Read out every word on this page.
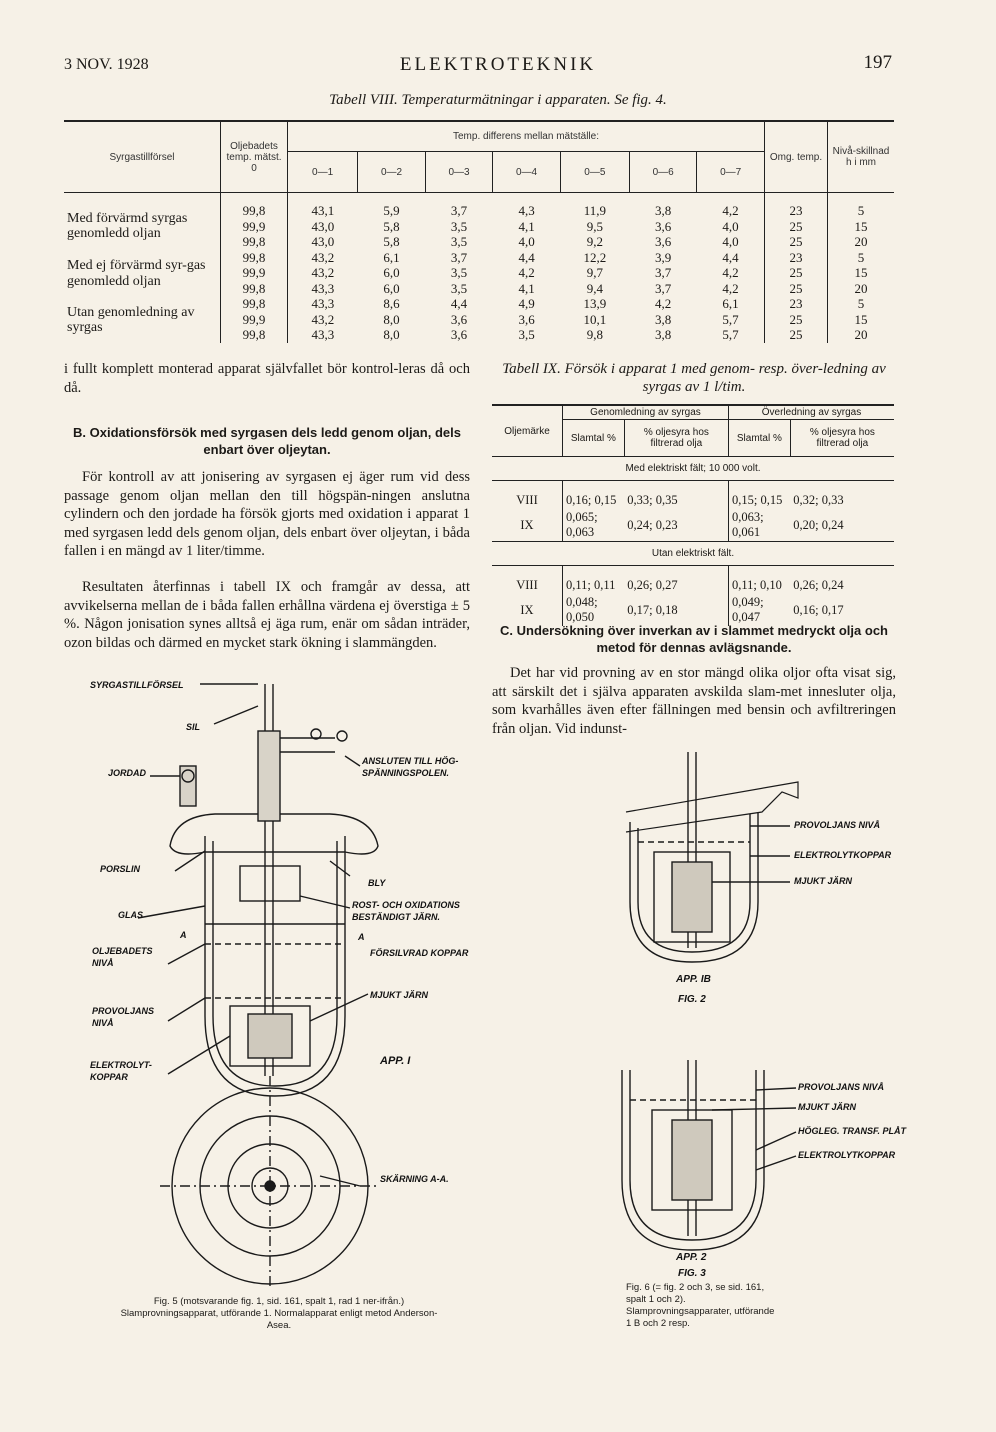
3 NOV. 1928	ELEKTROTEKNIK	197
Tabell VIII. Temperaturmätningar i apparaten. Se fig. 4.
Syrgastillförsel	Oljebadets temp. mätst. 0	Temp. differens mellan mätställe:							Omg. temp.	Nivå-skillnad h i mm
		0—1	0—2	0—3	0—4	0—5	0—6	0—7		
Med förvärmd syrgas genomledd oljan	99,8	43,1	5,9	3,7	4,3	11,9	3,8	4,2	23	5
	99,9	43,0	5,8	3,5	4,1	9,5	3,6	4,0	25	15
	99,8	43,0	5,8	3,5	4,0	9,2	3,6	4,0	25	20
Med ej förvärmd syr-gas genomledd oljan	99,8	43,2	6,1	3,7	4,4	12,2	3,9	4,4	23	5
	99,9	43,2	6,0	3,5	4,2	9,7	3,7	4,2	25	15
	99,8	43,3	6,0	3,5	4,1	9,4	3,7	4,2	25	20
Utan genomledning av syrgas	99,8	43,3	8,6	4,4	4,9	13,9	4,2	6,1	23	5
	99,9	43,2	8,0	3,6	3,6	10,1	3,8	5,7	25	15
	99,8	43,3	8,0	3,6	3,5	9,8	3,8	5,7	25	20
i fullt komplett monterad apparat självfallet bör kontrol-leras då och då.
B. Oxidationsförsök med syrgasen dels ledd genom oljan, dels enbart över oljeytan.
För kontroll av att jonisering av syrgasen ej äger rum vid dess passage genom oljan mellan den till högspän-ningen anslutna cylindern och den jordade ha försök gjorts med oxidation i apparat 1 med syrgasen ledd dels genom oljan, dels enbart över oljeytan, i båda fallen i en mängd av 1 liter/timme.
Resultaten återfinnas i tabell IX och framgår av dessa, att avvikelserna mellan de i båda fallen erhållna värdena ej överstiga ± 5 %. Någon jonisation synes alltså ej äga rum, enär om sådan inträder, ozon bildas och därmed en mycket stark ökning i slammängden.
Tabell IX. Försök i apparat 1 med genom- resp. över-ledning av syrgas av 1 l/tim.
Oljemärke	Genomledning av syrgas		Överledning av syrgas	
	Slamtal %	% oljesyra hos filtrerad olja	Slamtal %	% oljesyra hos filtrerad olja
Med elektriskt fält; 10 000 volt.				
VIII	0,16; 0,15	0,33; 0,35	0,15; 0,15	0,32; 0,33
IX	0,065; 0,063	0,24; 0,23	0,063; 0,061	0,20; 0,24
Utan elektriskt fält.				
VIII	0,11; 0,11	0,26; 0,27	0,11; 0,10	0,26; 0,24
IX	0,048; 0,050	0,17; 0,18	0,049; 0,047	0,16; 0,17
C. Undersökning över inverkan av i slammet medryckt olja och metod för dennas avlägsnande.
Det har vid provning av en stor mängd olika oljor ofta visat sig, att särskilt det i själva apparaten avskilda slam-met innesluter olja, som kvarhålles även efter fällningen med bensin och avfiltreringen från oljan. Vid indunst-
SYRGASTILLFÖRSEL
SIL
JORDAD
ANSLUTEN TILL HÖG-
SPÄNNINGSPOLEN.
PORSLIN
BLY
ROST- OCH OXIDATIONS
BESTÄNDIGT JÄRN.
GLAS
A	A
FÖRSILVRAD KOPPAR
OLJEBADETS
NIVÅ
MJUKT JÄRN
PROVOLJANS
NIVÅ
ELEKTROLYT-
KOPPAR
APP. I
SKÄRNING A-A.
Fig. 5 (motsvarande fig. 1, sid. 161, spalt 1, rad 1 ner-ifrån.) Slamprovningsapparat, utförande 1. Normalapparat enligt metod Anderson-Asea.
PROVOLJANS NIVÅ
ELEKTROLYTKOPPAR
MJUKT JÄRN
APP. IB
FIG. 2
PROVOLJANS NIVÅ
MJUKT JÄRN
HÖGLEG. TRANSF. PLÅT
ELEKTROLYTKOPPAR
APP. 2
FIG. 3
Fig. 6 (= fig. 2 och 3, se sid. 161, spalt 1 och 2). Slamprovningsapparater, utförande 1 B och 2 resp.
